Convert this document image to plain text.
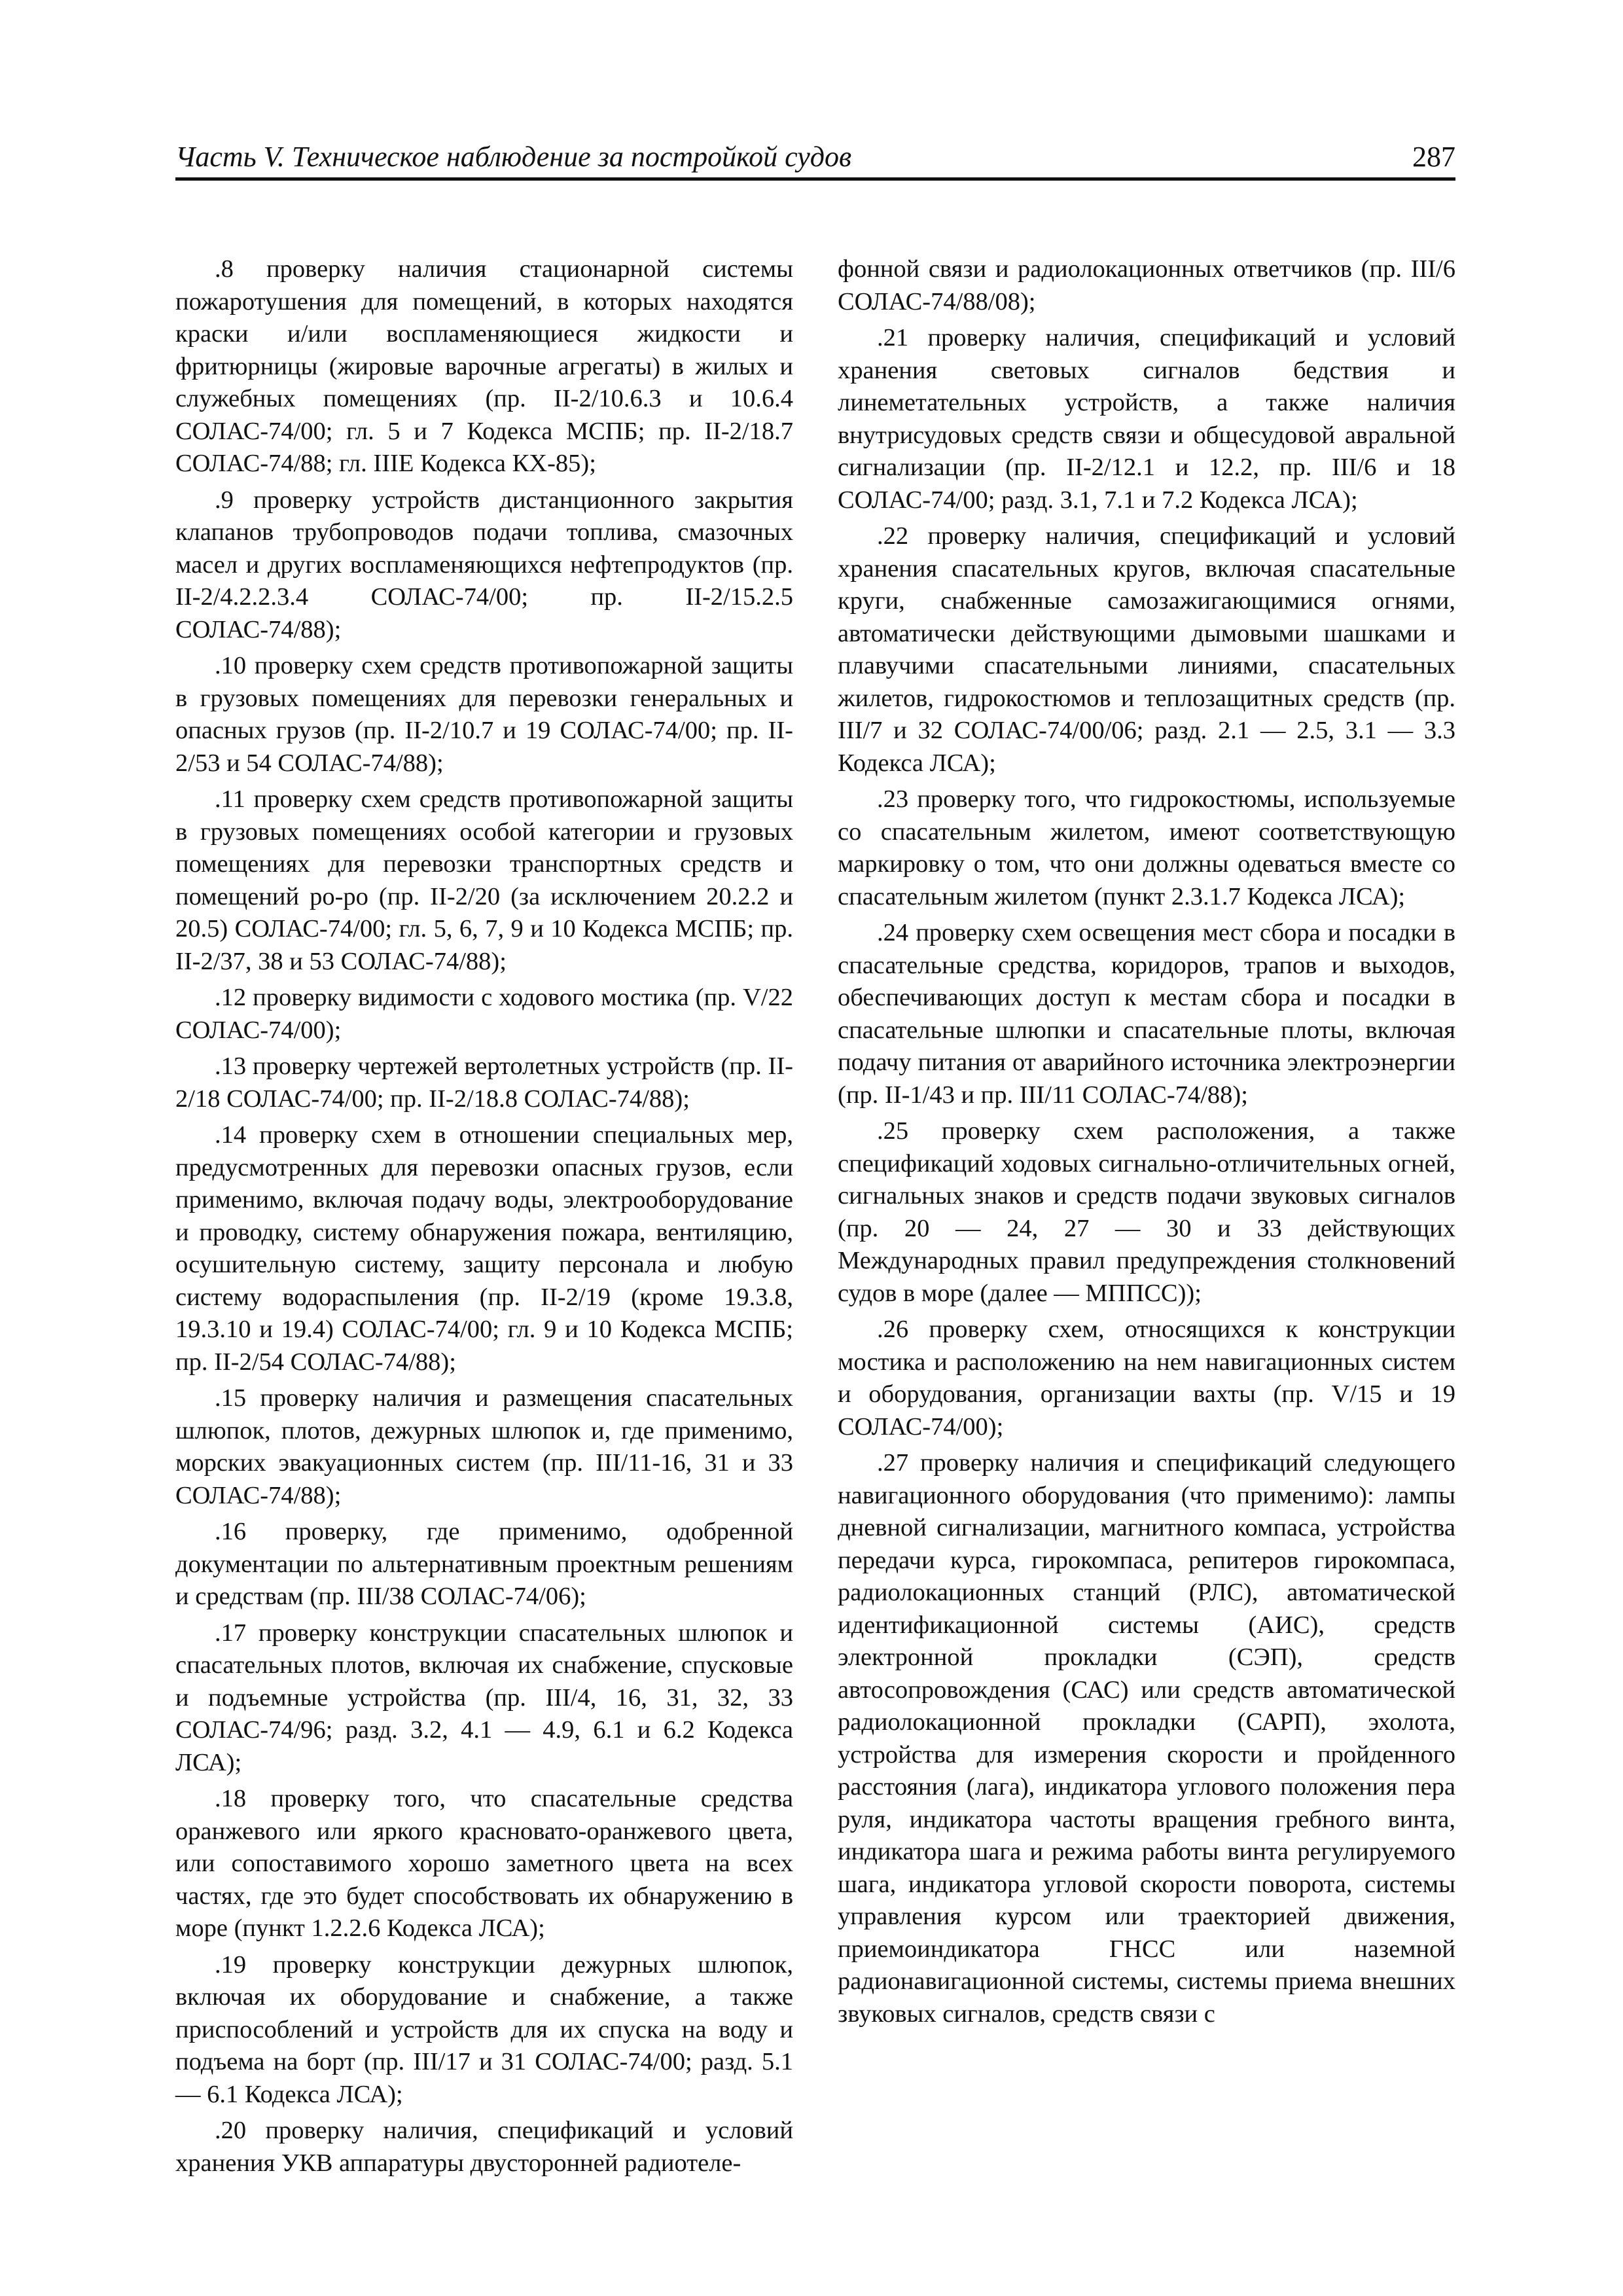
Часть V. Техническое наблюдение за постройкой судов	287

.8 проверку наличия стационарной системы пожаротушения для помещений, в которых находятся краски и/или воспламеняющиеся жидкости и фритюрницы (жировые варочные агрегаты) в жилых и служебных помещениях (пр. II-2/10.6.3 и 10.6.4 СОЛАС-74/00; гл. 5 и 7 Кодекса МСПБ; пр. II-2/18.7 СОЛАС-74/88; гл. IIIЕ Кодекса КХ-85);

.9 проверку устройств дистанционного закрытия клапанов трубопроводов подачи топлива, смазочных масел и других воспламеняющихся нефтепродуктов (пр. II-2/4.2.2.3.4 СОЛАС-74/00; пр. II-2/15.2.5 СОЛАС-74/88);

.10 проверку схем средств противопожарной защиты в грузовых помещениях для перевозки генеральных и опасных грузов (пр. II-2/10.7 и 19 СОЛАС-74/00; пр. II-2/53 и 54 СОЛАС-74/88);

.11 проверку схем средств противопожарной защиты в грузовых помещениях особой категории и грузовых помещениях для перевозки транспортных средств и помещений ро-ро (пр. II-2/20 (за исключением 20.2.2 и 20.5) СОЛАС-74/00; гл. 5, 6, 7, 9 и 10 Кодекса МСПБ; пр. II-2/37, 38 и 53 СОЛАС-74/88);

.12 проверку видимости с ходового мостика (пр. V/22 СОЛАС-74/00);

.13 проверку чертежей вертолетных устройств (пр. II-2/18 СОЛАС-74/00; пр. II-2/18.8 СОЛАС-74/88);

.14 проверку схем в отношении специальных мер, предусмотренных для перевозки опасных грузов, если применимо, включая подачу воды, электрооборудование и проводку, систему обнаружения пожара, вентиляцию, осушительную систему, защиту персонала и любую систему водораспыления (пр. II-2/19 (кроме 19.3.8, 19.3.10 и 19.4) СОЛАС-74/00; гл. 9 и 10 Кодекса МСПБ; пр. II-2/54 СОЛАС-74/88);

.15 проверку наличия и размещения спасательных шлюпок, плотов, дежурных шлюпок и, где применимо, морских эвакуационных систем (пр. III/11-16, 31 и 33 СОЛАС-74/88);

.16 проверку, где применимо, одобренной документации по альтернативным проектным решениям и средствам (пр. III/38 СОЛАС-74/06);

.17 проверку конструкции спасательных шлюпок и спасательных плотов, включая их снабжение, спусковые и подъемные устройства (пр. III/4, 16, 31, 32, 33 СОЛАС-74/96; разд. 3.2, 4.1 — 4.9, 6.1 и 6.2 Кодекса ЛСА);

.18 проверку того, что спасательные средства оранжевого или яркого красновато-оранжевого цвета, или сопоставимого хорошо заметного цвета на всех частях, где это будет способствовать их обнаружению в море (пункт 1.2.2.6 Кодекса ЛСА);

.19 проверку конструкции дежурных шлюпок, включая их оборудование и снабжение, а также приспособлений и устройств для их спуска на воду и подъема на борт (пр. III/17 и 31 СОЛАС-74/00; разд. 5.1 — 6.1 Кодекса ЛСА);

.20 проверку наличия, спецификаций и условий хранения УКВ аппаратуры двусторонней радиотеле-

фонной связи и радиолокационных ответчиков (пр. III/6 СОЛАС-74/88/08);

.21 проверку наличия, спецификаций и условий хранения световых сигналов бедствия и линеметательных устройств, а также наличия внутрисудовых средств связи и общесудовой авральной сигнализации (пр. II-2/12.1 и 12.2, пр. III/6 и 18 СОЛАС-74/00; разд. 3.1, 7.1 и 7.2 Кодекса ЛСА);

.22 проверку наличия, спецификаций и условий хранения спасательных кругов, включая спасательные круги, снабженные самозажигающимися огнями, автоматически действующими дымовыми шашками и плавучими спасательными линиями, спасательных жилетов, гидрокостюмов и теплозащитных средств (пр. III/7 и 32 СОЛАС-74/00/06; разд. 2.1 — 2.5, 3.1 — 3.3 Кодекса ЛСА);

.23 проверку того, что гидрокостюмы, используемые со спасательным жилетом, имеют соответствующую маркировку о том, что они должны одеваться вместе со спасательным жилетом (пункт 2.3.1.7 Кодекса ЛСА);

.24 проверку схем освещения мест сбора и посадки в спасательные средства, коридоров, трапов и выходов, обеспечивающих доступ к местам сбора и посадки в спасательные шлюпки и спасательные плоты, включая подачу питания от аварийного источника электроэнергии (пр. II-1/43 и пр. III/11 СОЛАС-74/88);

.25 проверку схем расположения, а также спецификаций ходовых сигнально-отличительных огней, сигнальных знаков и средств подачи звуковых сигналов (пр. 20 — 24, 27 — 30 и 33 действующих Международных правил предупреждения столкновений судов в море (далее — МППСС));

.26 проверку схем, относящихся к конструкции мостика и расположению на нем навигационных систем и оборудования, организации вахты (пр. V/15 и 19 СОЛАС-74/00);

.27 проверку наличия и спецификаций следующего навигационного оборудования (что применимо): лампы дневной сигнализации, магнитного компаса, устройства передачи курса, гирокомпаса, репитеров гирокомпаса, радиолокационных станций (РЛС), автоматической идентификационной системы (АИС), средств электронной прокладки (СЭП), средств автосопровождения (САС) или средств автоматической радиолокационной прокладки (САРП), эхолота, устройства для измерения скорости и пройденного расстояния (лага), индикатора углового положения пера руля, индикатора частоты вращения гребного винта, индикатора шага и режима работы винта регулируемого шага, индикатора угловой скорости поворота, системы управления курсом или траекторией движения, приемоиндикатора ГНСС или наземной радионавигационной системы, системы приема внешних звуковых сигналов, средств связи с
